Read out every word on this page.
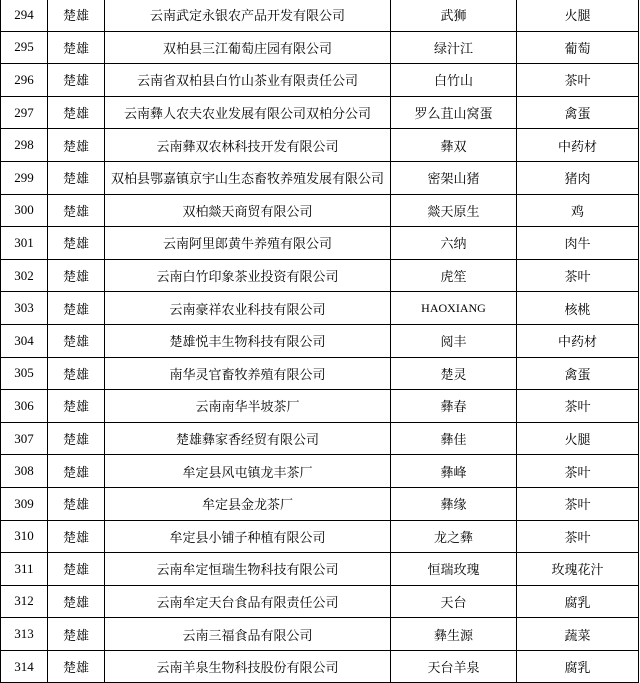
294	楚雄	云南武定永银农产品开发有限公司	武狮	火腿
295	楚雄	双柏县三江葡萄庄园有限公司	绿汁江	葡萄
296	楚雄	云南省双柏县白竹山茶业有限责任公司	白竹山	茶叶
297	楚雄	云南彝人农夫农业发展有限公司双柏分公司	罗么苴山窝蛋	禽蛋
298	楚雄	云南彝双农林科技开发有限公司	彝双	中药材
299	楚雄	双柏县鄂嘉镇京宇山生态畜牧养殖发展有限公司	密架山猪	猪肉
300	楚雄	双柏燚天商贸有限公司	燚天原生	鸡
301	楚雄	云南阿里郎黄牛养殖有限公司	六纳	肉牛
302	楚雄	云南白竹印象茶业投资有限公司	虎笙	茶叶
303	楚雄	云南豪祥农业科技有限公司	HAOXIANG	核桃
304	楚雄	楚雄悦丰生物科技有限公司	阅丰	中药材
305	楚雄	南华灵官畜牧养殖有限公司	楚灵	禽蛋
306	楚雄	云南南华半坡茶厂	彝春	茶叶
307	楚雄	楚雄彝家香经贸有限公司	彝佳	火腿
308	楚雄	牟定县风屯镇龙丰茶厂	彝峰	茶叶
309	楚雄	牟定县金龙茶厂	彝缘	茶叶
310	楚雄	牟定县小铺子种植有限公司	龙之彝	茶叶
311	楚雄	云南牟定恒瑞生物科技有限公司	恒瑞玫瑰	玫瑰花汁
312	楚雄	云南牟定天台食品有限责任公司	天台	腐乳
313	楚雄	云南三福食品有限公司	彝生源	蔬菜
314	楚雄	云南羊泉生物科技股份有限公司	天台羊泉	腐乳
